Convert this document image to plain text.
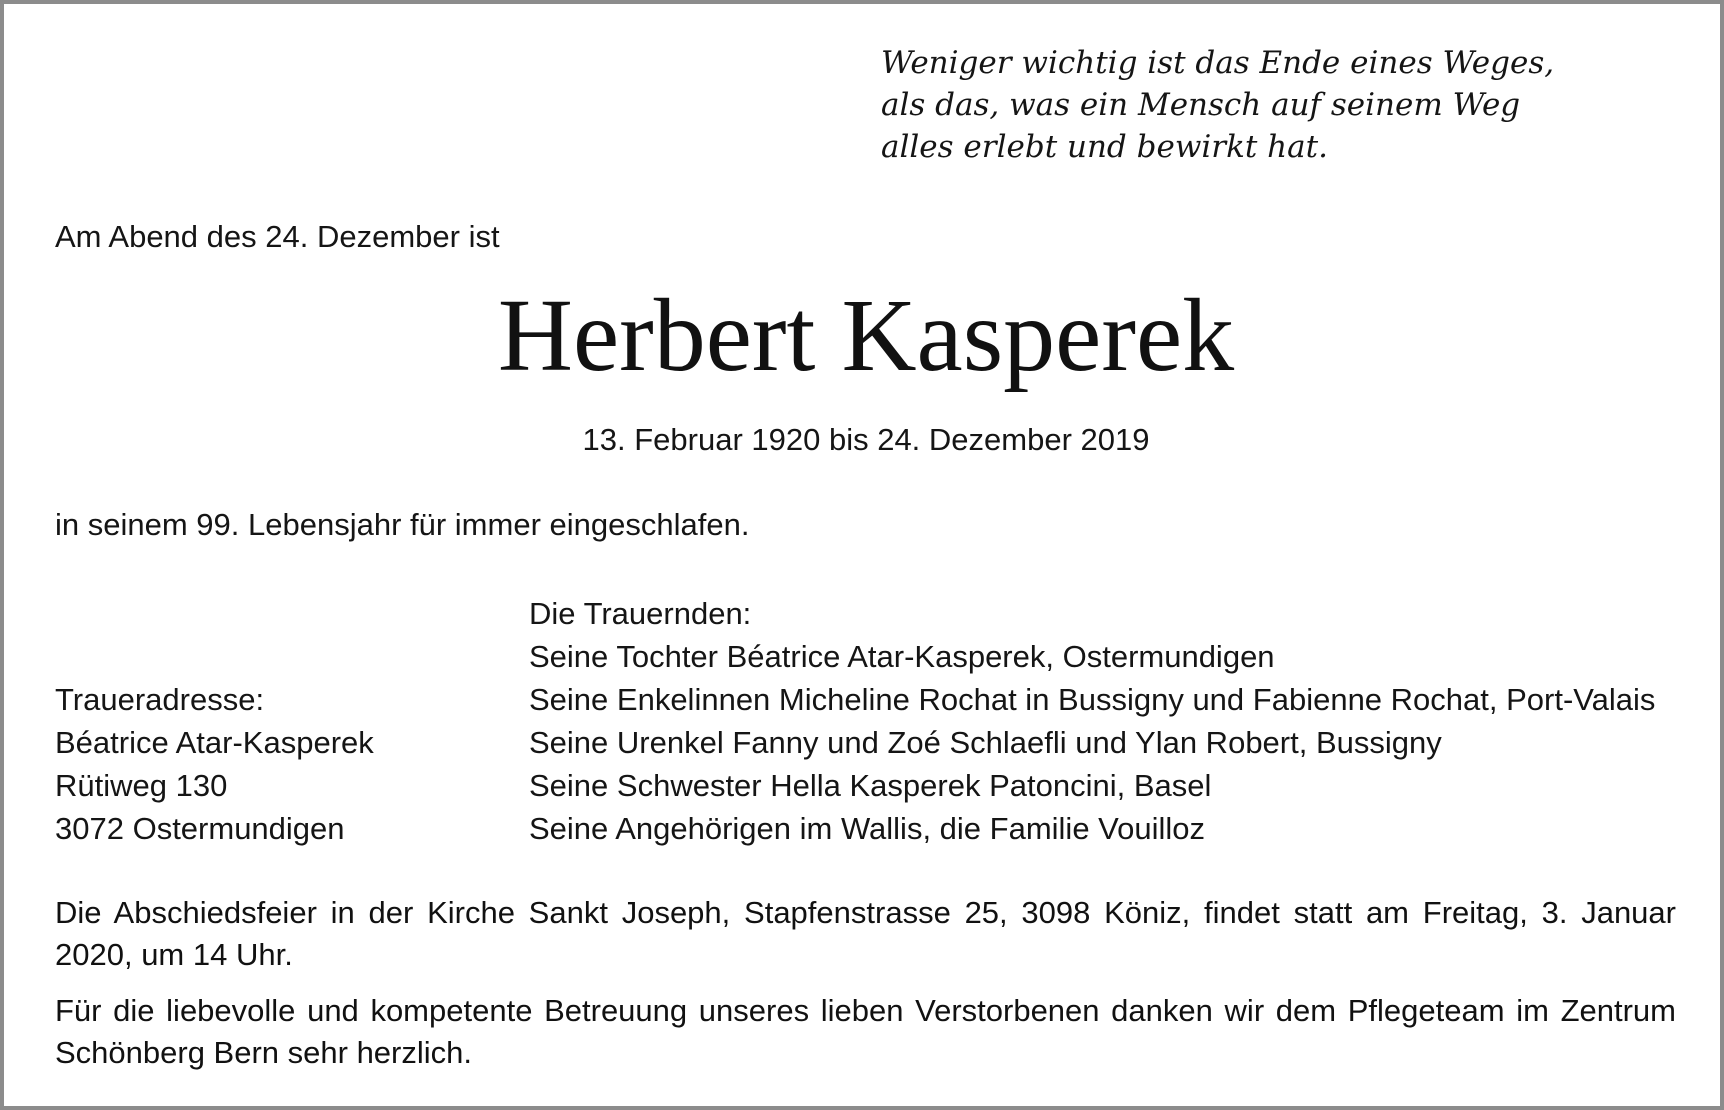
Weniger wichtig ist das Ende eines Weges,
als das, was ein Mensch auf seinem Weg
alles erlebt und bewirkt hat.
Am Abend des 24. Dezember ist
Herbert Kasperek
13. Februar 1920 bis 24. Dezember 2019
in seinem 99. Lebensjahr für immer eingeschlafen.
Traueradresse:
Béatrice Atar-Kasperek
Rütiweg 130
3072 Ostermundigen
Die Trauernden:
Seine Tochter Béatrice Atar-Kasperek, Ostermundigen
Seine Enkelinnen Micheline Rochat in Bussigny und Fabienne Rochat, Port-Valais
Seine Urenkel Fanny und Zoé Schlaefli und Ylan Robert, Bussigny
Seine Schwester Hella Kasperek Patoncini, Basel
Seine Angehörigen im Wallis, die Familie Vouilloz
Die Abschiedsfeier in der Kirche Sankt Joseph, Stapfenstrasse 25, 3098 Köniz, findet statt am Freitag, 3. Januar 2020, um 14 Uhr.
Für die liebevolle und kompetente Betreuung unseres lieben Verstorbenen danken wir dem Pflegeteam im Zentrum Schönberg Bern sehr herzlich.
